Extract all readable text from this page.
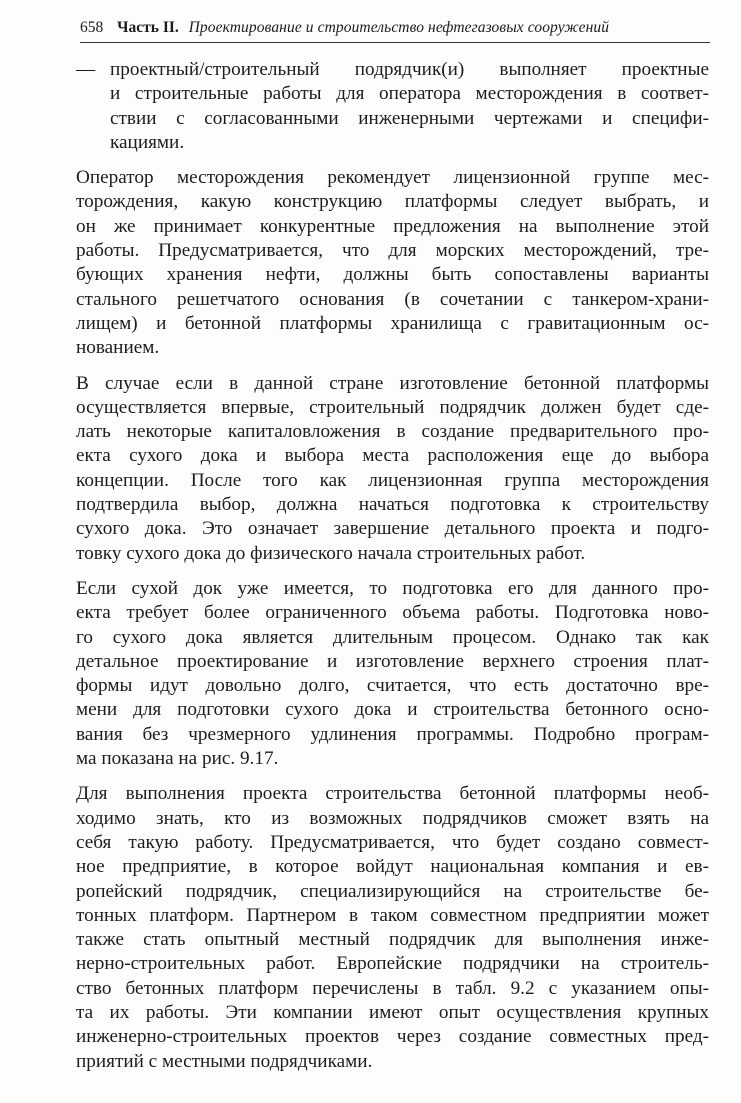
658 Часть II. Проектирование и строительство нефтегазовых сооружений

— проектный/строительный подрядчик(и) выполняет проектные
и строительные работы для оператора месторождения в соответ-
ствии с согласованными инженерными чертежами и специфи-
кациями.

Оператор месторождения рекомендует лицензионной группе мес-
торождения, какую конструкцию платформы следует выбрать, и
он же принимает конкурентные предложения на выполнение этой
работы. Предусматривается, что для морских месторождений, тре-
бующих хранения нефти, должны быть сопоставлены варианты
стального решетчатого основания (в сочетании с танкером-храни-
лищем) и бетонной платформы хранилища с гравитационным ос-
нованием.

В случае если в данной стране изготовление бетонной платформы
осуществляется впервые, строительный подрядчик должен будет сде-
лать некоторые капиталовложения в создание предварительного про-
екта сухого дока и выбора места расположения еще до выбора
концепции. После того как лицензионная группа месторождения
подтвердила выбор, должна начаться подготовка к строительству
сухого дока. Это означает завершение детального проекта и подго-
товку сухого дока до физического начала строительных работ.

Если сухой док уже имеется, то подготовка его для данного про-
екта требует более ограниченного объема работы. Подготовка ново-
го сухого дока является длительным процесом. Однако так как
детальное проектирование и изготовление верхнего строения плат-
формы идут довольно долго, считается, что есть достаточно вре-
мени для подготовки сухого дока и строительства бетонного осно-
вания без чрезмерного удлинения программы. Подробно програм-
ма показана на рис. 9.17.

Для выполнения проекта строительства бетонной платформы необ-
ходимо знать, кто из возможных подрядчиков сможет взять на
себя такую работу. Предусматривается, что будет создано совмест-
ное предприятие, в которое войдут национальная компания и ев-
ропейский подрядчик, специализирующийся на строительстве бе-
тонных платформ. Партнером в таком совместном предприятии может
также стать опытный местный подрядчик для выполнения инже-
нерно-строительных работ. Европейские подрядчики на строитель-
ство бетонных платформ перечислены в табл. 9.2 с указанием опы-
та их работы. Эти компании имеют опыт осуществления крупных
инженерно-строительных проектов через создание совместных пред-
приятий с местными подрядчиками.
